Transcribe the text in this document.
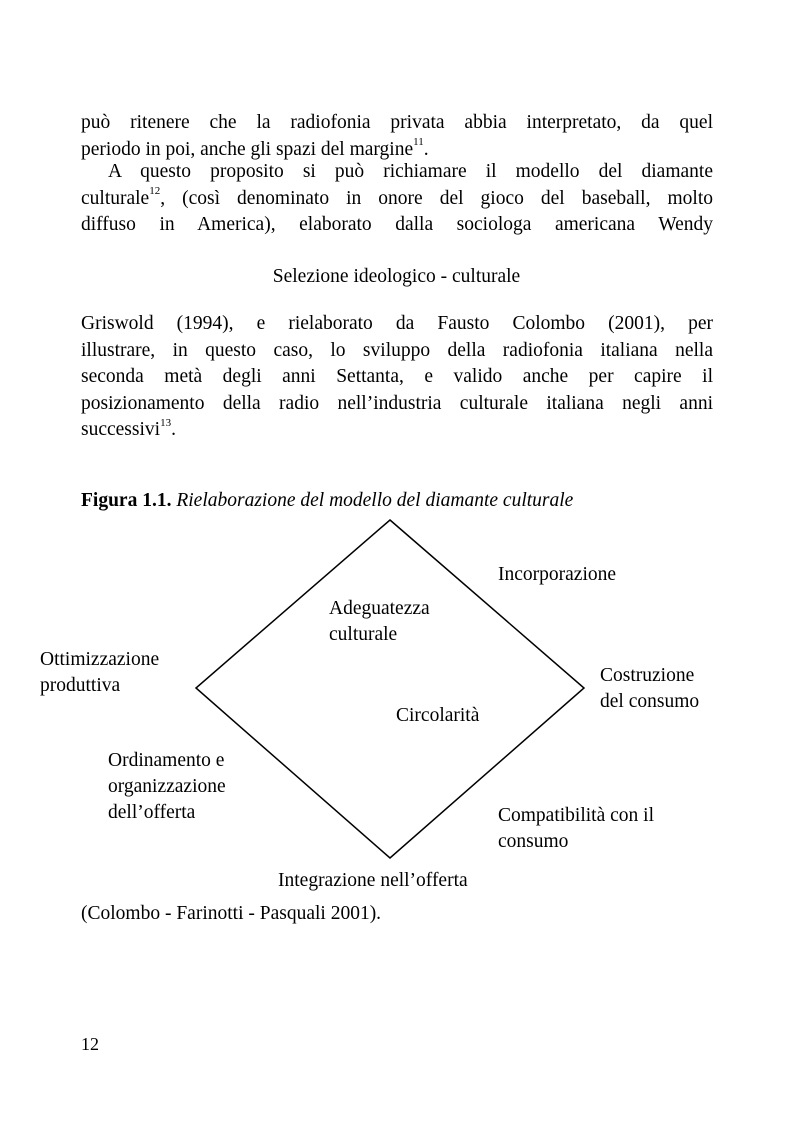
può ritenere che la radiofonia privata abbia interpretato, da quel
periodo in poi, anche gli spazi del margine$^{11}$.
A questo proposito si può richiamare il modello del diamante
culturale$^{12}$, (così denominato in onore del gioco del baseball, molto
diffuso in America), elaborato dalla sociologa americana Wendy
Selezione ideologico - culturale
Griswold (1994), e rielaborato da Fausto Colombo (2001), per
illustrare, in questo caso, lo sviluppo della radiofonia italiana nella
seconda metà degli anni Settanta, e valido anche per capire il
posizionamento della radio nell’industria culturale italiana negli anni
successivi$^{13}$.
Figura 1.1. Rielaborazione del modello del diamante culturale
Incorporazione
Adeguatezza
culturale
Ottimizzazione
produttiva	Costruzione
del consumo
Circolarità
Ordinamento e
organizzazione
dell’offerta	Compatibilità con il
consumo
Integrazione nell’offerta
(Colombo - Farinotti - Pasquali 2001).
12
